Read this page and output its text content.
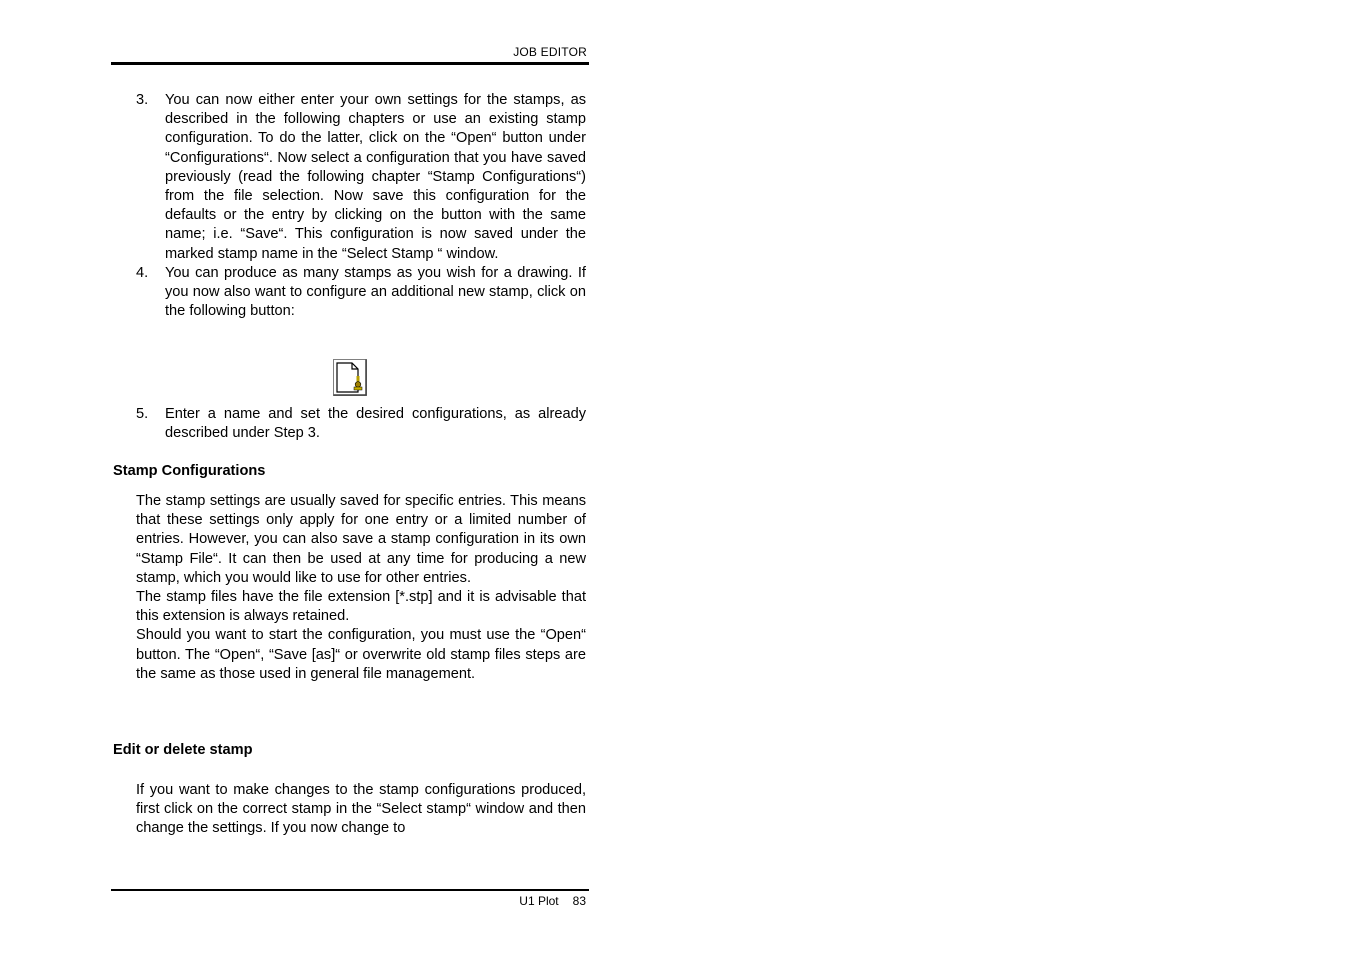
JOB EDITOR
3. You can now either enter your own settings for the stamps, as described in the following chapters or use an existing stamp configuration. To do the latter, click on the “Open“ button under “Configurations“. Now select a configuration that you have saved previously (read the following chapter “Stamp Configurations“) from the file selection. Now save this configuration for the defaults or the entry by clicking on the button with the same name; i.e. “Save“. This configuration is now saved under the marked stamp name in the “Select Stamp “ window.
4. You can produce as many stamps as you wish for a drawing. If you now also want to configure an additional new stamp, click on the following button:
5. Enter a name and set the desired configurations, as already described under Step 3.
Stamp Configurations
The stamp settings are usually saved for specific entries. This means that these settings only apply for one entry or a limited number of entries. However, you can also save a stamp configuration in its own “Stamp File“. It can then be used at any time for producing a new stamp, which you would like to use for other entries.
The stamp files have the file extension [*.stp] and it is advisable that this extension is always retained.
Should you want to start the configuration, you must use the “Open“ button. The “Open“, “Save [as]“ or overwrite old stamp files steps are the same as those used in general file management.
Edit or delete stamp
If you want to make changes to the stamp configurations produced, first click on the correct stamp in the “Select stamp“ window and then change the settings. If you now change to
U1 Plot 83
